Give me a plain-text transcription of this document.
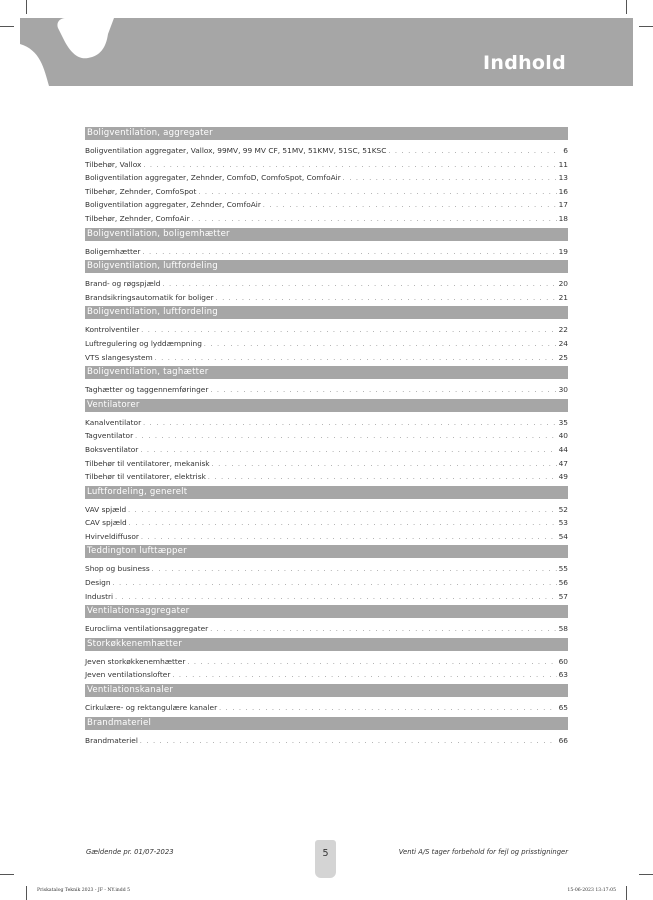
Indhold
Boligventilation, aggregater
Boligventilation aggregater, Vallox, 99MV, 99 MV CF, 51MV, 51KMV, 51SC, 51KSC . . .	6
Tilbehør, Vallox . . .	11
Boligventilation aggregater, Zehnder, ComfoD, ComfoSpot, ComfoAir . . .	13
Tilbehør, Zehnder, ComfoSpot . . .	16
Boligventilation aggregater, Zehnder, ComfoAir . . .	17
Tilbehør, Zehnder, ComfoAir . . .	18
Boligventilation, boligemhætter
Boligemhætter . . .	19
Boligventilation, luftfordeling
Brand- og røgspjæld . . .	20
Brandsikringsautomatik for boliger . . .	21
Boligventilation, luftfordeling
Kontrolventiler . . .	22
Luftregulering og lyddæmpning . . .	24
VTS slangesystem . . .	25
Boligventilation, taghætter
Taghætter og taggennemføringer . . .	30
Ventilatorer
Kanalventilator . . .	35
Tagventilator . . .	40
Boksventilator . . .	44
Tilbehør til ventilatorer, mekanisk . . .	47
Tilbehør til ventilatorer, elektrisk . . .	49
Luftfordeling, generelt
VAV spjæld . . .	52
CAV spjæld . . .	53
Hvirveldiffusor . . .	54
Teddington lufttæpper
Shop og business . . .	55
Design . . .	56
Industri . . .	57
Ventilationsaggregater
Euroclima ventilationsaggregater . . .	58
Storkøkkenemhætter
Jeven storkøkkenemhætter . . .	60
Jeven ventilationslofter . . .	63
Ventilationskanaler
Cirkulære- og rektangulære kanaler . . .	65
Brandmateriel
Brandmateriel . . .	66
Gældende pr. 01/07-2023	5	Venti A/S tager forbehold for fejl og prisstigninger
Priskatalog Teknik 2023 - JF - NY.indd 5	15-06-2023 13:17:05
